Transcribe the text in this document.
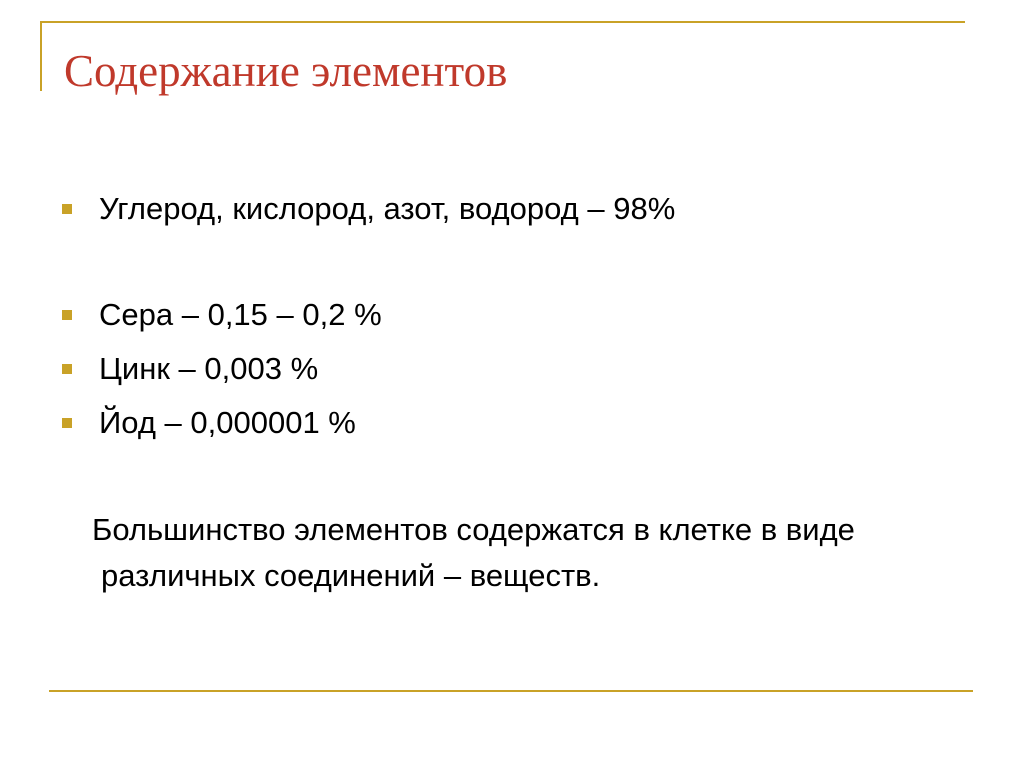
Содержание элементов
Углерод, кислород, азот, водород – 98%
Сера – 0,15 – 0,2 %
Цинк – 0,003 %
Йод – 0,000001 %

Большинство элементов содержатся в клетке в виде различных соединений – веществ.
